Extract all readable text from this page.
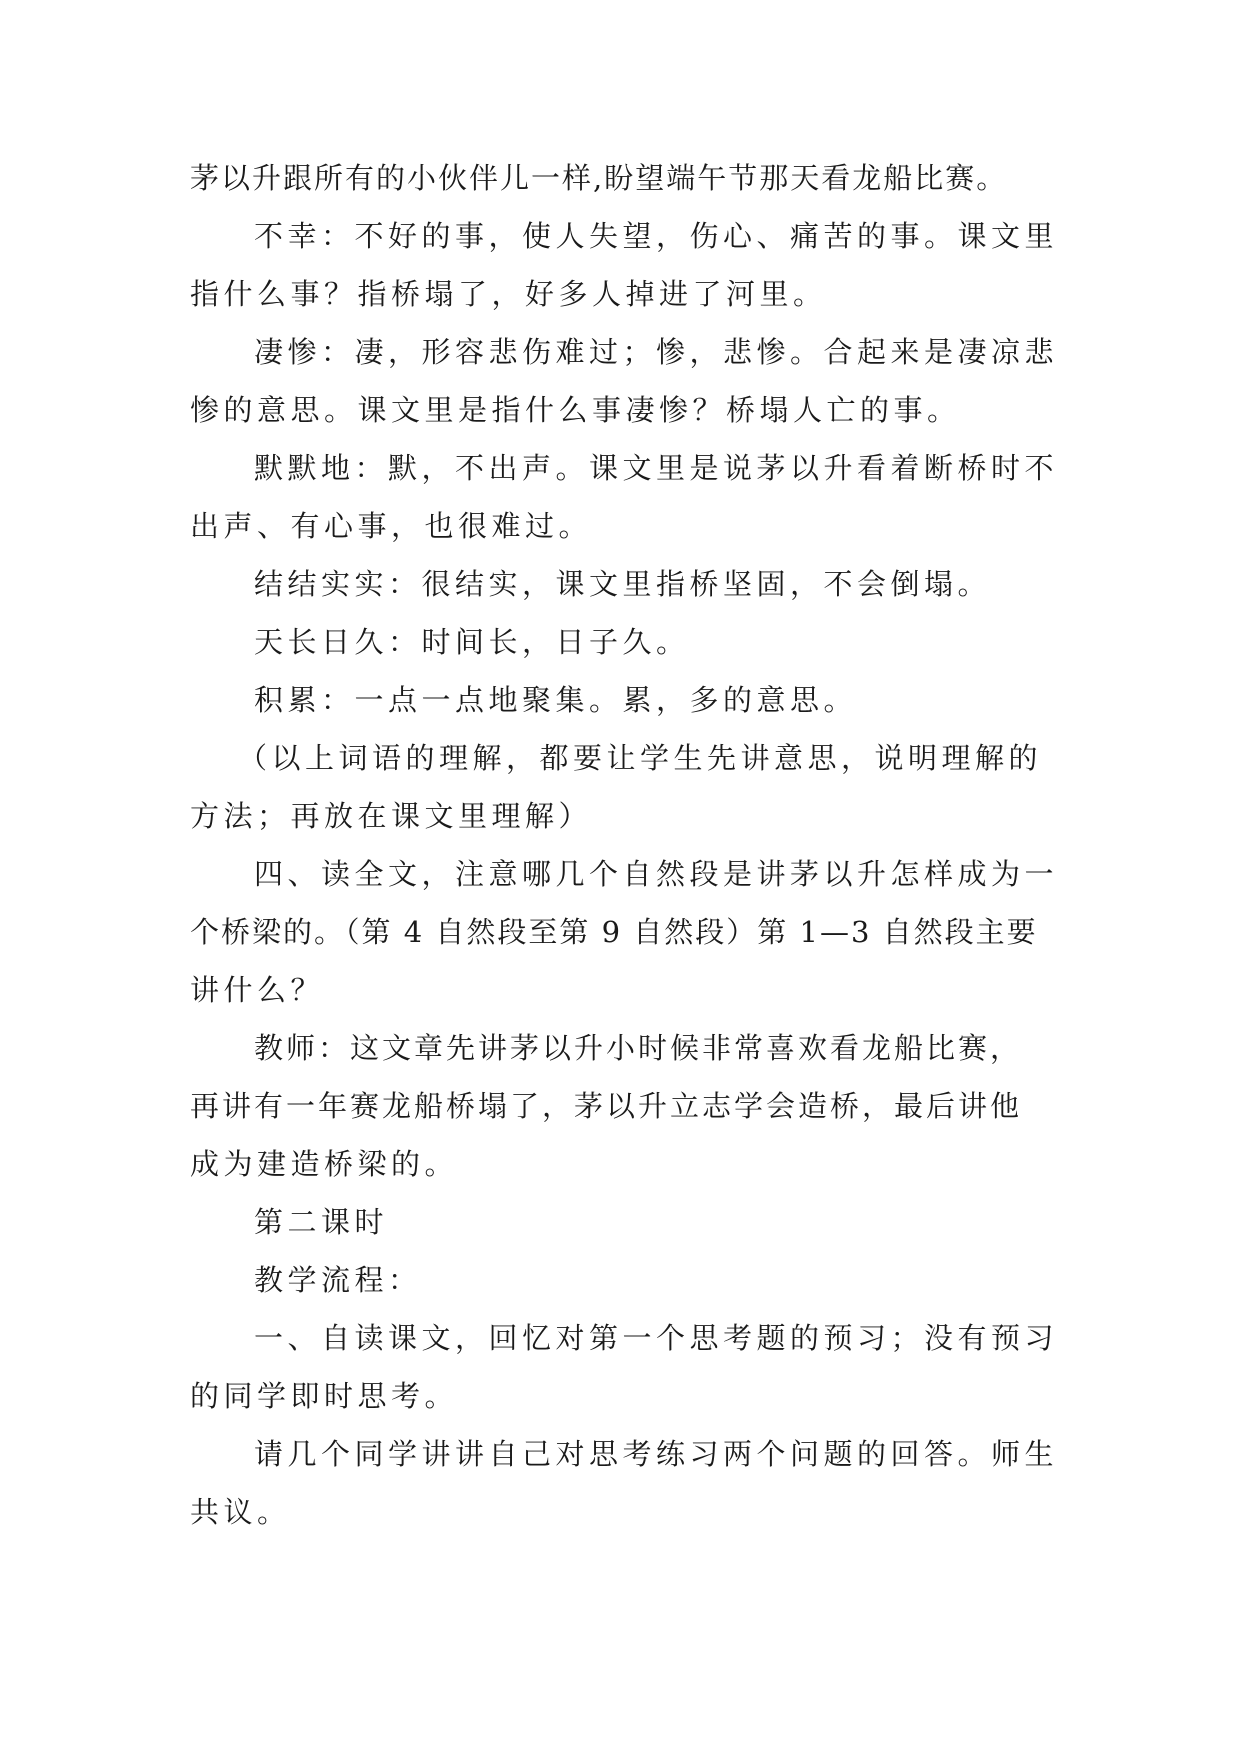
茅以升跟所有的小伙伴儿一样,盼望端午节那天看龙船比赛。
不幸：不好的事，使人失望，伤心、痛苦的事。课文里
指什么事？指桥塌了，好多人掉进了河里。
凄惨：凄，形容悲伤难过；惨，悲惨。合起来是凄凉悲
惨的意思。课文里是指什么事凄惨？桥塌人亡的事。
默默地：默，不出声。课文里是说茅以升看着断桥时不
出声、有心事，也很难过。
结结实实：很结实，课文里指桥坚固，不会倒塌。
天长日久：时间长，日子久。
积累：一点一点地聚集。累，多的意思。
（以上词语的理解，都要让学生先讲意思，说明理解的
方法；再放在课文里理解）
四、读全文，注意哪几个自然段是讲茅以升怎样成为一
个桥梁的。（第 4 自然段至第 9 自然段）第 1—3 自然段主要
讲什么？
教师：这文章先讲茅以升小时候非常喜欢看龙船比赛，
再讲有一年赛龙船桥塌了，茅以升立志学会造桥，最后讲他
成为建造桥梁的。
第二课时
教学流程：
一、自读课文，回忆对第一个思考题的预习；没有预习
的同学即时思考。
请几个同学讲讲自己对思考练习两个问题的回答。师生
共议。
